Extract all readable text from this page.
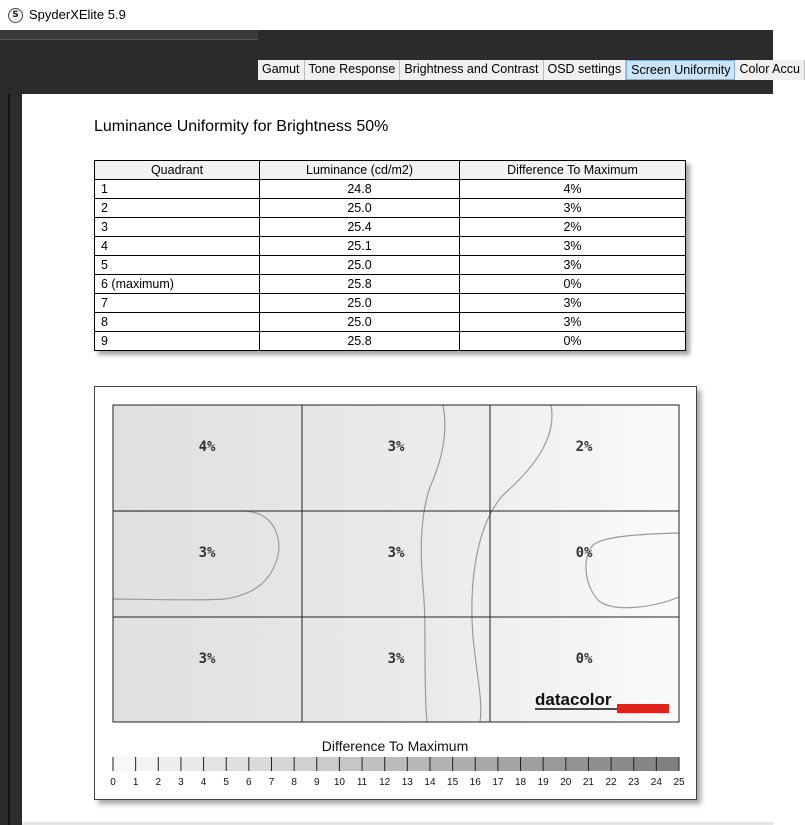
S SpyderXElite 5.9
Gamut Tone Response Brightness and Contrast OSD settings Screen Uniformity Color Accu
Luminance Uniformity for Brightness 50%
Quadrant	Luminance (cd/m2)	Difference To Maximum
1	24.8	4%
2	25.0	3%
3	25.4	2%
4	25.1	3%
5	25.0	3%
6 (maximum)	25.8	0%
7	25.0	3%
8	25.0	3%
9	25.8	0%
4%	3%	2%
3%	3%	0%
3%	3%	0%
datacolor
Difference To Maximum
0 1 2 3 4 5 6 7 8 9 10 11 12 13 14 15 16 17 18 19 20 21 22 23 24 25
